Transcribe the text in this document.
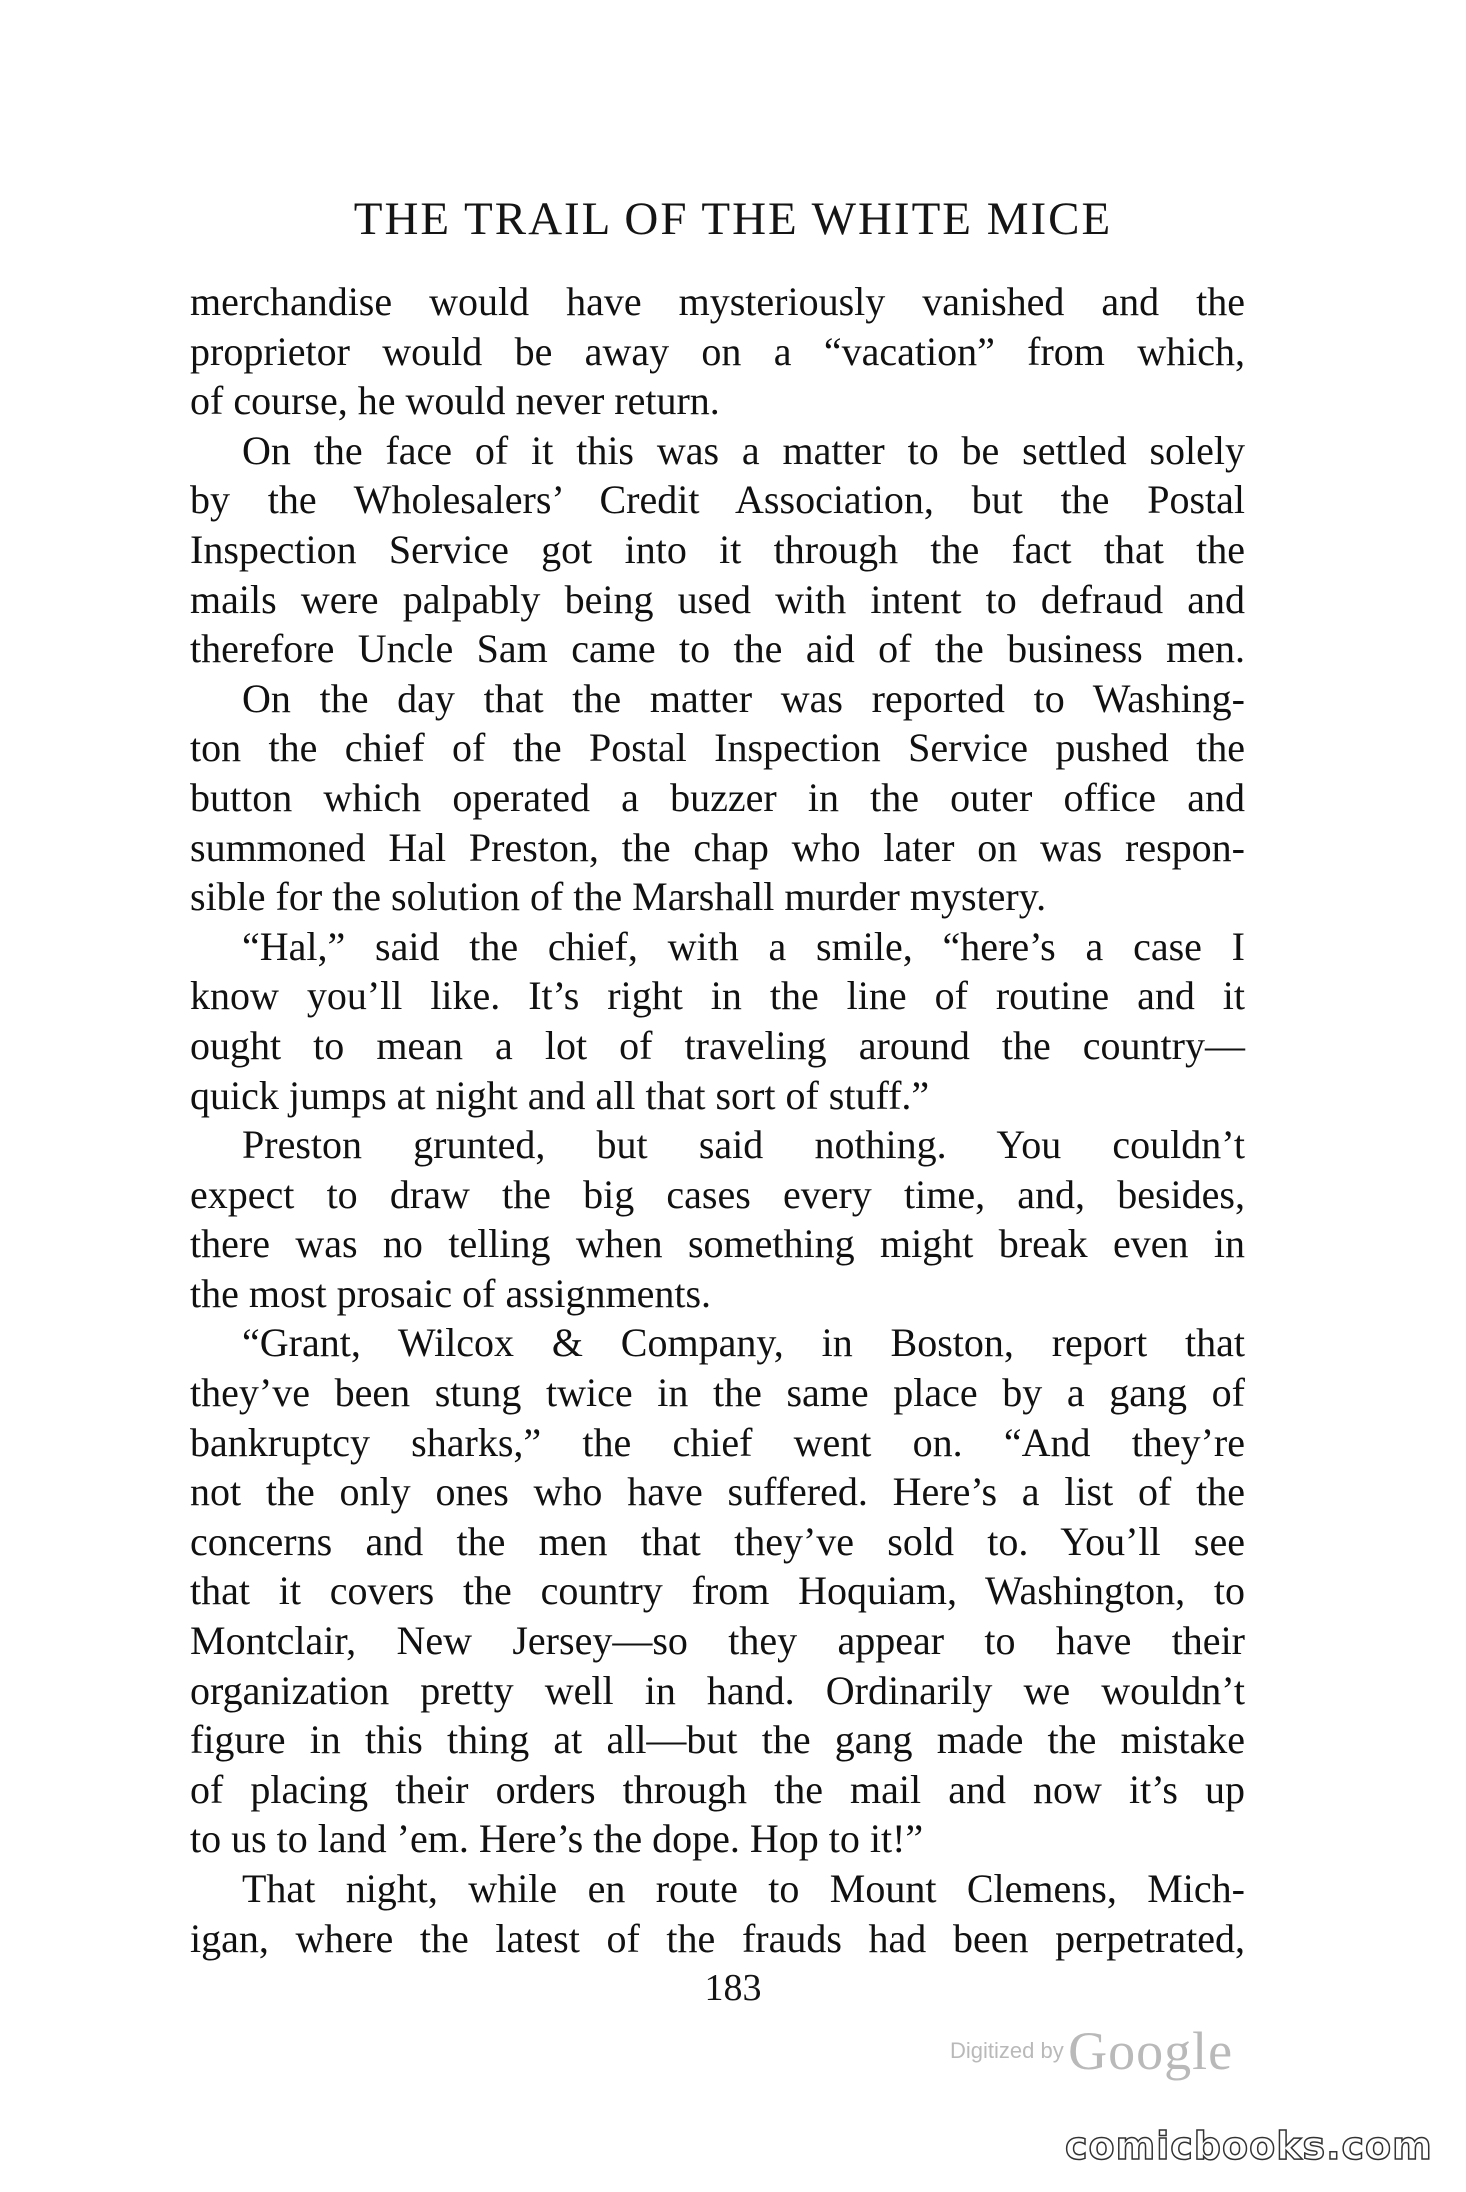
THE TRAIL OF THE WHITE MICE
merchandise would have mysteriously vanished and the
proprietor would be away on a “vacation” from which,
of course, he would never return.
On the face of it this was a matter to be settled solely
by the Wholesalers’ Credit Association, but the Postal
Inspection Service got into it through the fact that the
mails were palpably being used with intent to defraud and
therefore Uncle Sam came to the aid of the business men.
On the day that the matter was reported to Washing-
ton the chief of the Postal Inspection Service pushed the
button which operated a buzzer in the outer office and
summoned Hal Preston, the chap who later on was respon-
sible for the solution of the Marshall murder mystery.
“Hal,” said the chief, with a smile, “here’s a case I
know you’ll like. It’s right in the line of routine and it
ought to mean a lot of traveling around the country—
quick jumps at night and all that sort of stuff.”
Preston grunted, but said nothing. You couldn’t
expect to draw the big cases every time, and, besides,
there was no telling when something might break even in
the most prosaic of assignments.
“Grant, Wilcox & Company, in Boston, report that
they’ve been stung twice in the same place by a gang of
bankruptcy sharks,” the chief went on. “And they’re
not the only ones who have suffered. Here’s a list of the
concerns and the men that they’ve sold to. You’ll see
that it covers the country from Hoquiam, Washington, to
Montclair, New Jersey—so they appear to have their
organization pretty well in hand. Ordinarily we wouldn’t
figure in this thing at all—but the gang made the mistake
of placing their orders through the mail and now it’s up
to us to land ’em. Here’s the dope. Hop to it!”
That night, while en route to Mount Clemens, Mich-
igan, where the latest of the frauds had been perpetrated,
183
Digitized by Google
comicbooks.com
